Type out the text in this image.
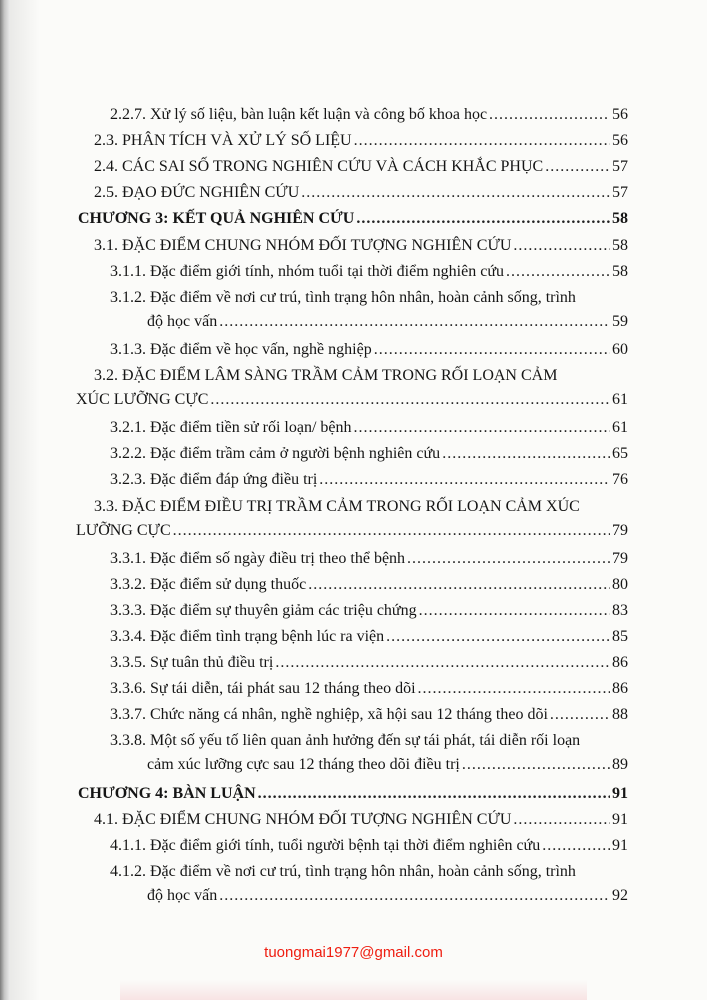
2.2.7. Xử lý số liệu, bàn luận kết luận và công bố khoa học .....	56
2.3. PHÂN TÍCH VÀ XỬ LÝ SỐ LIỆU .....	56
2.4. CÁC SAI SỐ TRONG NGHIÊN CỨU VÀ CÁCH KHẮC PHỤC .....	57
2.5. ĐẠO ĐỨC NGHIÊN CỨU .....	57
CHƯƠNG 3: KẾT QUẢ NGHIÊN CỨU .....	58
3.1. ĐẶC ĐIỂM CHUNG NHÓM ĐỐI TƯỢNG NGHIÊN CỨU .....	58
3.1.1. Đặc điểm giới tính, nhóm tuổi tại thời điểm nghiên cứu .....	58
3.1.2. Đặc điểm về nơi cư trú, tình trạng hôn nhân, hoàn cảnh sống, trình
độ học vấn .....	59
3.1.3. Đặc điểm về học vấn, nghề nghiệp .....	60
3.2. ĐẶC ĐIỂM LÂM SÀNG TRẦM CẢM TRONG RỐI LOẠN CẢM
XÚC LƯỠNG CỰC .....	61
3.2.1. Đặc điểm tiền sử rối loạn/ bệnh .....	61
3.2.2. Đặc điểm trầm cảm ở người bệnh nghiên cứu .....	65
3.2.3. Đặc điểm đáp ứng điều trị .....	76
3.3. ĐẶC ĐIỂM ĐIỀU TRỊ TRẦM CẢM TRONG RỐI LOẠN CẢM XÚC
LƯỠNG CỰC .....	79
3.3.1. Đặc điểm số ngày điều trị theo thể bệnh .....	79
3.3.2. Đặc điểm sử dụng thuốc .....	80
3.3.3. Đặc điểm sự thuyên giảm các triệu chứng .....	83
3.3.4. Đặc điểm tình trạng bệnh lúc ra viện .....	85
3.3.5. Sự tuân thủ điều trị .....	86
3.3.6. Sự tái diễn, tái phát sau 12 tháng theo dõi .....	86
3.3.7. Chức năng cá nhân, nghề nghiệp, xã hội sau 12 tháng theo dõi .....	88
3.3.8. Một số yếu tố liên quan ảnh hưởng đến sự tái phát, tái diễn rối loạn
cảm xúc lưỡng cực sau 12 tháng theo dõi điều trị .....	89
CHƯƠNG 4: BÀN LUẬN .....	91
4.1. ĐẶC ĐIỂM CHUNG NHÓM ĐỐI TƯỢNG NGHIÊN CỨU .....	91
4.1.1. Đặc điểm giới tính, tuổi người bệnh tại thời điểm nghiên cứu .....	91
4.1.2. Đặc điểm về nơi cư trú, tình trạng hôn nhân, hoàn cảnh sống, trình
độ học vấn .....	92
tuongmai1977@gmail.com
